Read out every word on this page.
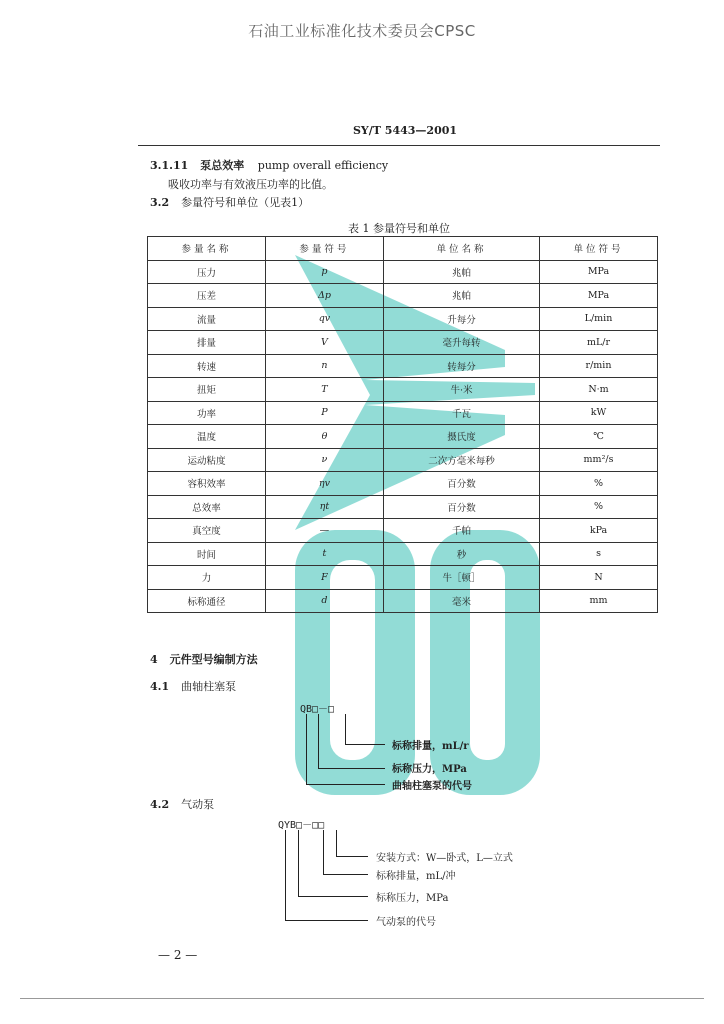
石油工业标准化技术委员会CPSC
SY/T 5443—2001
3.1.11 泵总效率 pump overall efficiency
吸收功率与有效液压功率的比值。
3.2 参量符号和单位（见表1）
表 1 参量符号和单位
参量名称	参量符号	单位名称	单位符号
压力	p	兆帕	MPa
压差	Δp	兆帕	MPa
流量	qv	升每分	L/min
排量	V	毫升每转	mL/r
转速	n	转每分	r/min
扭矩	T	牛·米	N·m
功率	P	千瓦	kW
温度	θ	摄氏度	℃
运动粘度	ν	二次方毫米每秒	mm²/s
容积效率	ηv	百分数	%
总效率	ηt	百分数	%
真空度	—	千帕	kPa
时间	t	秒	s
力	F	牛［顿］	N
标称通径	d	毫米	mm
4 元件型号编制方法
4.1 曲轴柱塞泵
QB□－□
标称排量，mL/r
标称压力，MPa
曲轴柱塞泵的代号
4.2 气动泵
QYB□－□□
安装方式：W—卧式，L—立式
标称排量，mL/冲
标称压力，MPa
气动泵的代号
— 2 —
